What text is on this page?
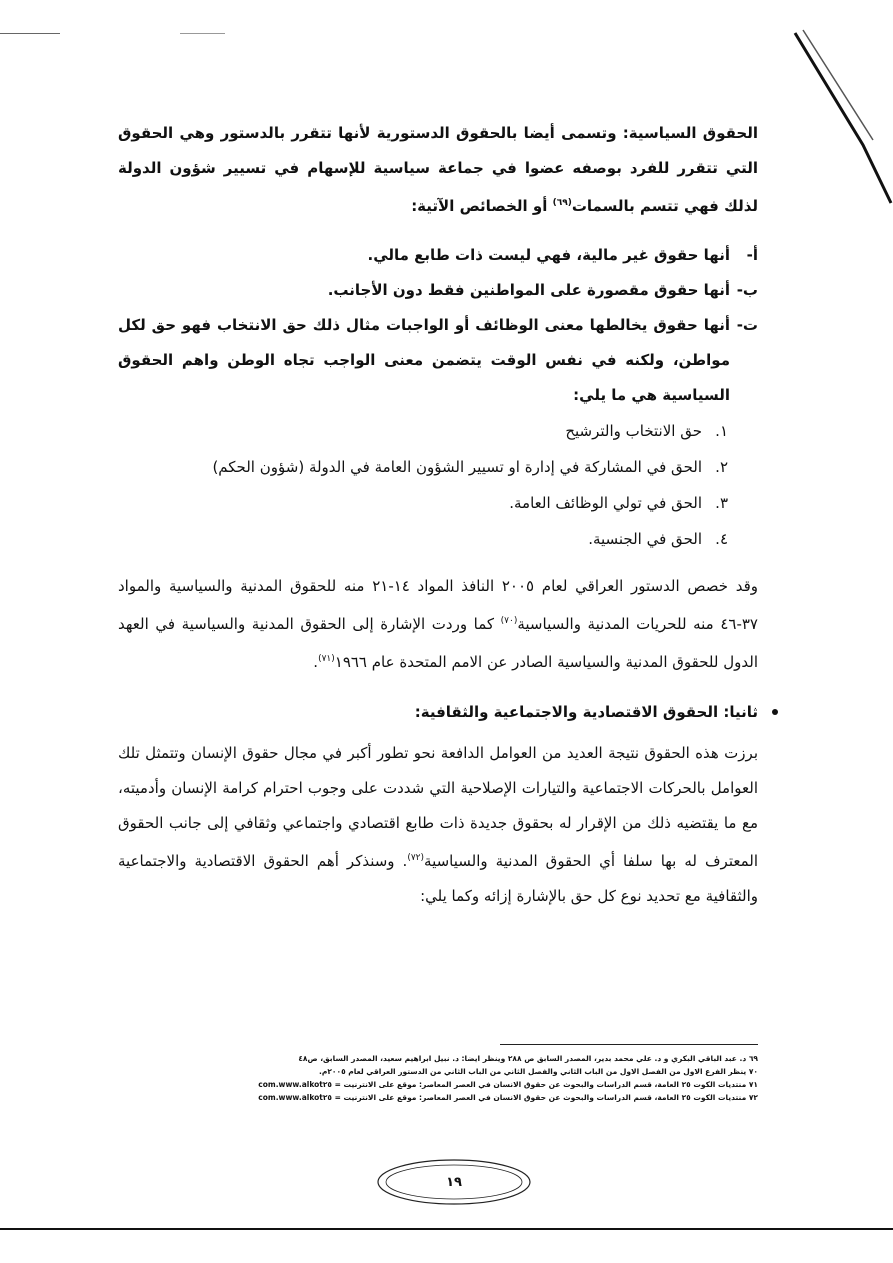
الحقوق السياسية: وتسمى أيضا بالحقوق الدستورية لأنها تتقرر بالدستور وهي الحقوق التي تتقرر للفرد بوصفه عضوا في جماعة سياسية للإسهام في تسيير شؤون الدولة لذلك فهي تتسم بالسمات$^{(٦٩)}$ أو الخصائص الآتية:

أ-
أنها حقوق غير مالية، فهي ليست ذات طابع مالي.
ب-
أنها حقوق مقصورة على المواطنين فقط دون الأجانب.
ت-
أنها حقوق يخالطها معنى الوظائف أو الواجبات مثال ذلك حق الانتخاب فهو حق لكل مواطن، ولكنه في نفس الوقت يتضمن معنى الواجب تجاه الوطن واهم الحقوق السياسية هي ما يلي:
١.
حق الانتخاب والترشيح
٢.
الحق في المشاركة في إدارة او تسيير الشؤون العامة في الدولة (شؤون الحكم)
٣.
الحق في تولي الوظائف العامة.
٤.
الحق في الجنسية.

وقد خصص الدستور العراقي لعام ٢٠٠٥ النافذ المواد ١٤-٢١ منه للحقوق المدنية والسياسية والمواد ٣٧-٤٦ منه للحريات المدنية والسياسية$^{(٧٠)}$ كما وردت الإشارة إلى الحقوق المدنية والسياسية في العهد الدول للحقوق المدنية والسياسية الصادر عن الامم المتحدة عام ١٩٦٦$^{(٧١)}$.

ثانيا: الحقوق الاقتصادية والاجتماعية والثقافية:

برزت هذه الحقوق نتيجة العديد من العوامل الدافعة نحو تطور أكبر في مجال حقوق الإنسان وتتمثل تلك العوامل بالحركات الاجتماعية والتيارات الإصلاحية التي شددت على وجوب احترام كرامة الإنسان وأدميته، مع ما يقتضيه ذلك من الإقرار له بحقوق جديدة ذات طابع اقتصادي واجتماعي وثقافي إلى جانب الحقوق المعترف له بها سلفا أي الحقوق المدنية والسياسية$^{(٧٢)}$. وسنذكر أهم الحقوق الاقتصادية والاجتماعية والثقافية مع تحديد نوع كل حق بالإشارة إزائه وكما يلي:

٦٩ د. عبد الباقي البكري و د. علي محمد بدير، المصدر السابق ص ٢٨٨ وينظر ايضا: د. نبيل ابراهيم سعيد، المصدر السابق، ص٤٨
٧٠ ينظر الفرع الاول من الفصل الاول من الباب الثاني والفصل الثاني من الباب الثاني من الدستور العراقي لعام ٢٠٠٥م.
٧١ منتديات الكوت ٢٥ العامة، قسم الدراسات والبحوث عن حقوق الانسان في العصر المعاصر: موقع على الانترنيت = www.alkot٢٥.com
٧٢ منتديات الكوت ٢٥ العامة، قسم الدراسات والبحوث عن حقوق الانسان في العصر المعاصر: موقع على الانترنيت = www.alkot٢٥.com
١٩
